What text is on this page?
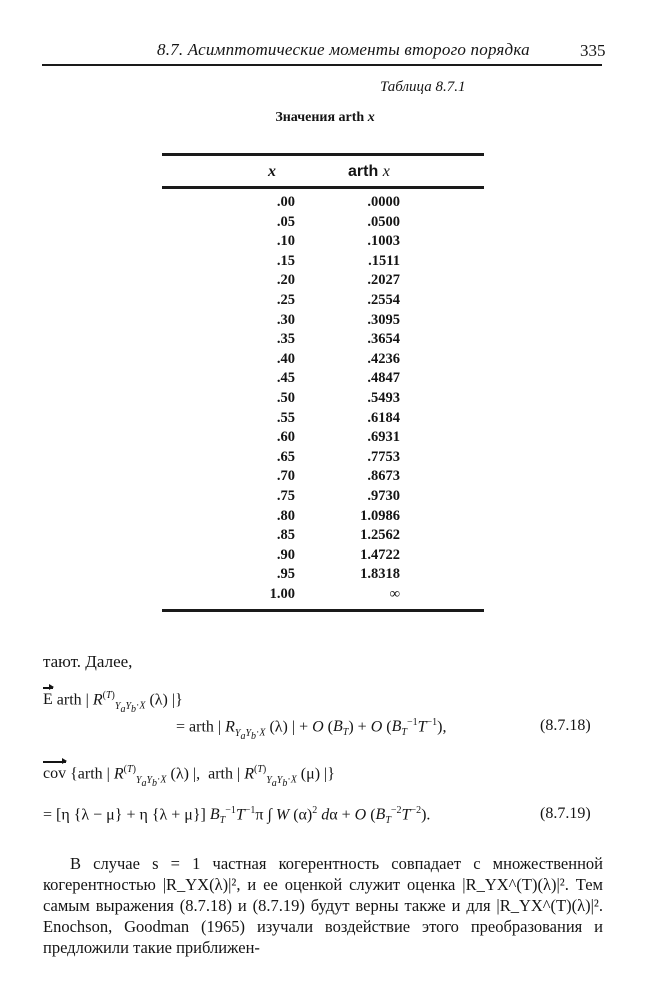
8.7. Асимптотические моменты второго порядка	335
Таблица 8.7.1
Значения arth x
x	arth x
.00	.0000
.05	.0500
.10	.1003
.15	.1511
.20	.2027
.25	.2554
.30	.3095
.35	.3654
.40	.4236
.45	.4847
.50	.5493
.55	.6184
.60	.6931
.65	.7753
.70	.8673
.75	.9730
.80	1.0986
.85	1.2562
.90	1.4722
.95	1.8318
1.00	∞
тают. Далее,
E arth | $R^{(T)}_{Y_aY_b\cdot X}$ (λ) |}
= arth | $R_{Y_aY_b\cdot X}$ (λ) | + O $(B_T) + O$ $(B_T^{-1}T^{-1})$,	(8.7.18)
cov {arth | $R^{(T)}_{Y_aY_b\cdot X}$ (λ) |,  arth | $R^{(T)}_{Y_aY_b\cdot X}$ (μ) |}
= [η {λ − μ} + η {λ + μ}] $B_T^{-1}T^{-1}\pi$ ∫ W $(\alpha)^2$ dα + O $(B_T^{-2}T^{-2})$.	(8.7.19)
В случае s = 1 частная когерентность совпадает с множественной когерентностью |R_YX(λ)|², и ее оценкой служит оценка |R_YX^(T)(λ)|². Тем самым выражения (8.7.18) и (8.7.19) будут верны также и для |R_YX^(T)(λ)|². Enochson, Goodman (1965) изучали воздействие этого преобразования и предложили такие приближен-
